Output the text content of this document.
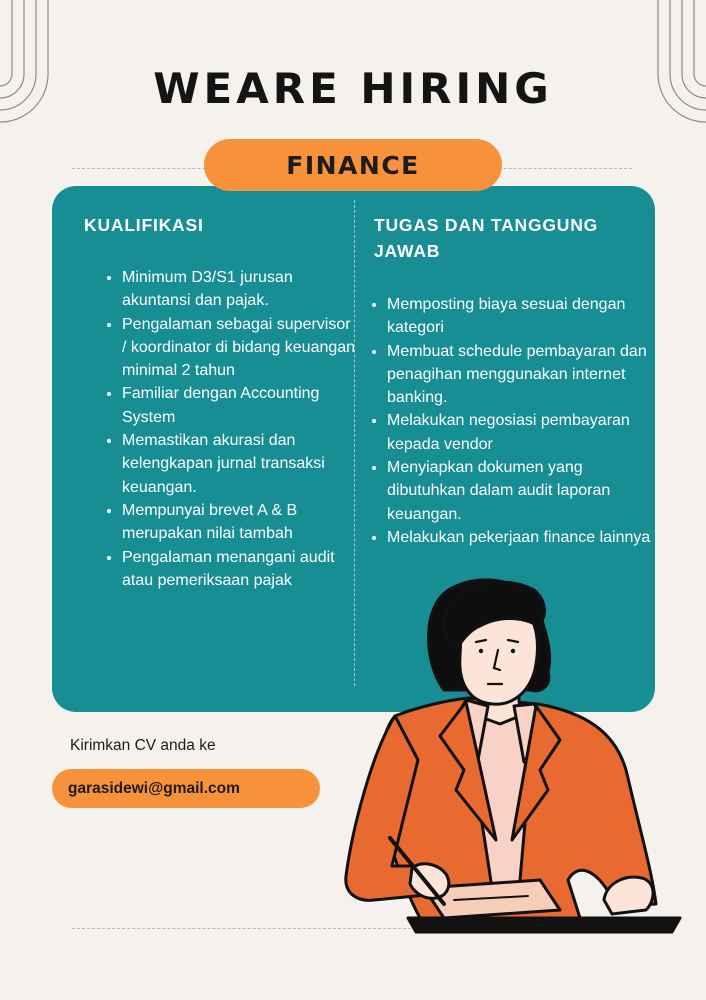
WEARE HIRING
FINANCE
KUALIFIKASI
• Minimum D3/S1 jurusan akuntansi dan pajak.
• Pengalaman sebagai supervisor / koordinator di bidang keuangan minimal 2 tahun
• Familiar dengan Accounting System
• Memastikan akurasi dan kelengkapan jurnal transaksi keuangan.
• Mempunyai brevet A & B merupakan nilai tambah
• Pengalaman menangani audit atau pemeriksaan pajak
TUGAS DAN TANGGUNG JAWAB
• Memposting biaya sesuai dengan kategori
• Membuat schedule pembayaran dan penagihan menggunakan internet banking.
• Melakukan negosiasi pembayaran kepada vendor
• Menyiapkan dokumen yang dibutuhkan dalam audit laporan keuangan.
• Melakukan pekerjaan finance lainnya
Kirimkan CV anda ke
garasidewi@gmail.com
